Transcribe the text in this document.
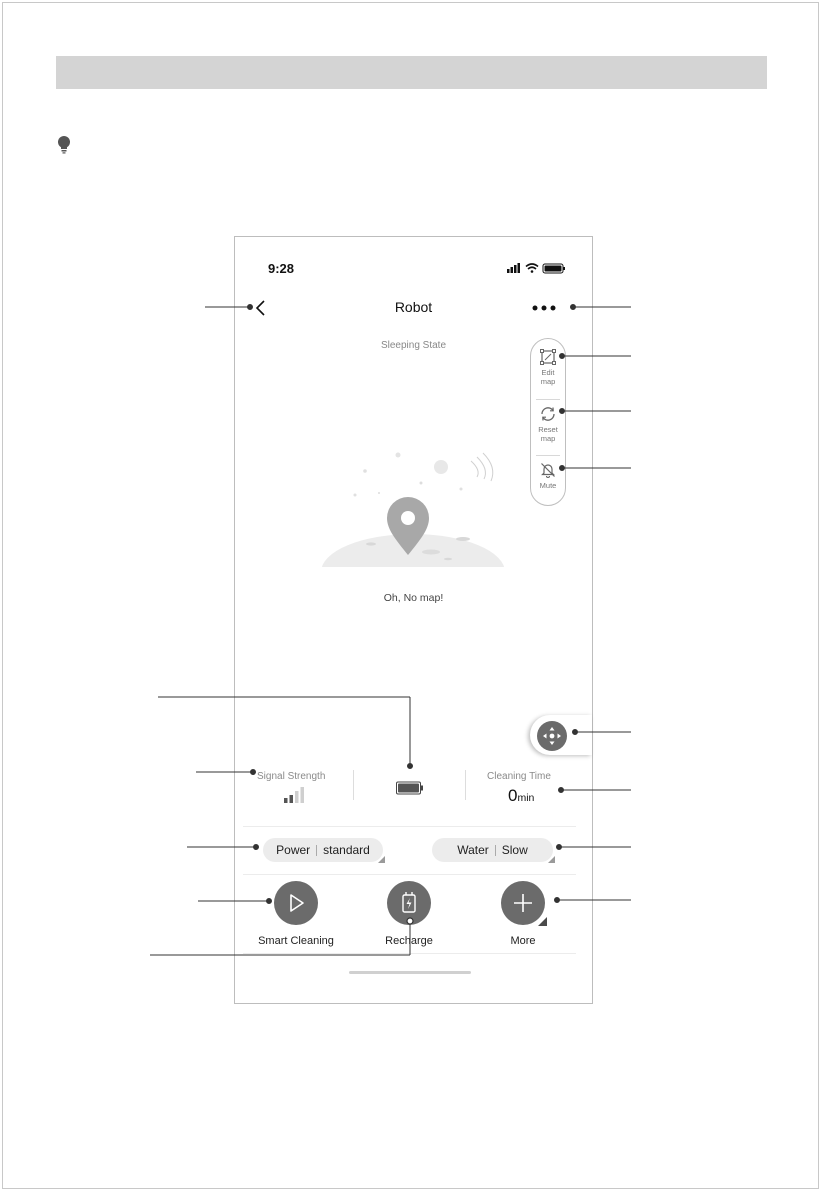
9:28
Robot
Sleeping State
Edit
map
Reset
map
Mute
Oh, No map!
Signal Strength	Cleaning Time
0min
Power standard	Water Slow
Smart Cleaning	Recharge	More
